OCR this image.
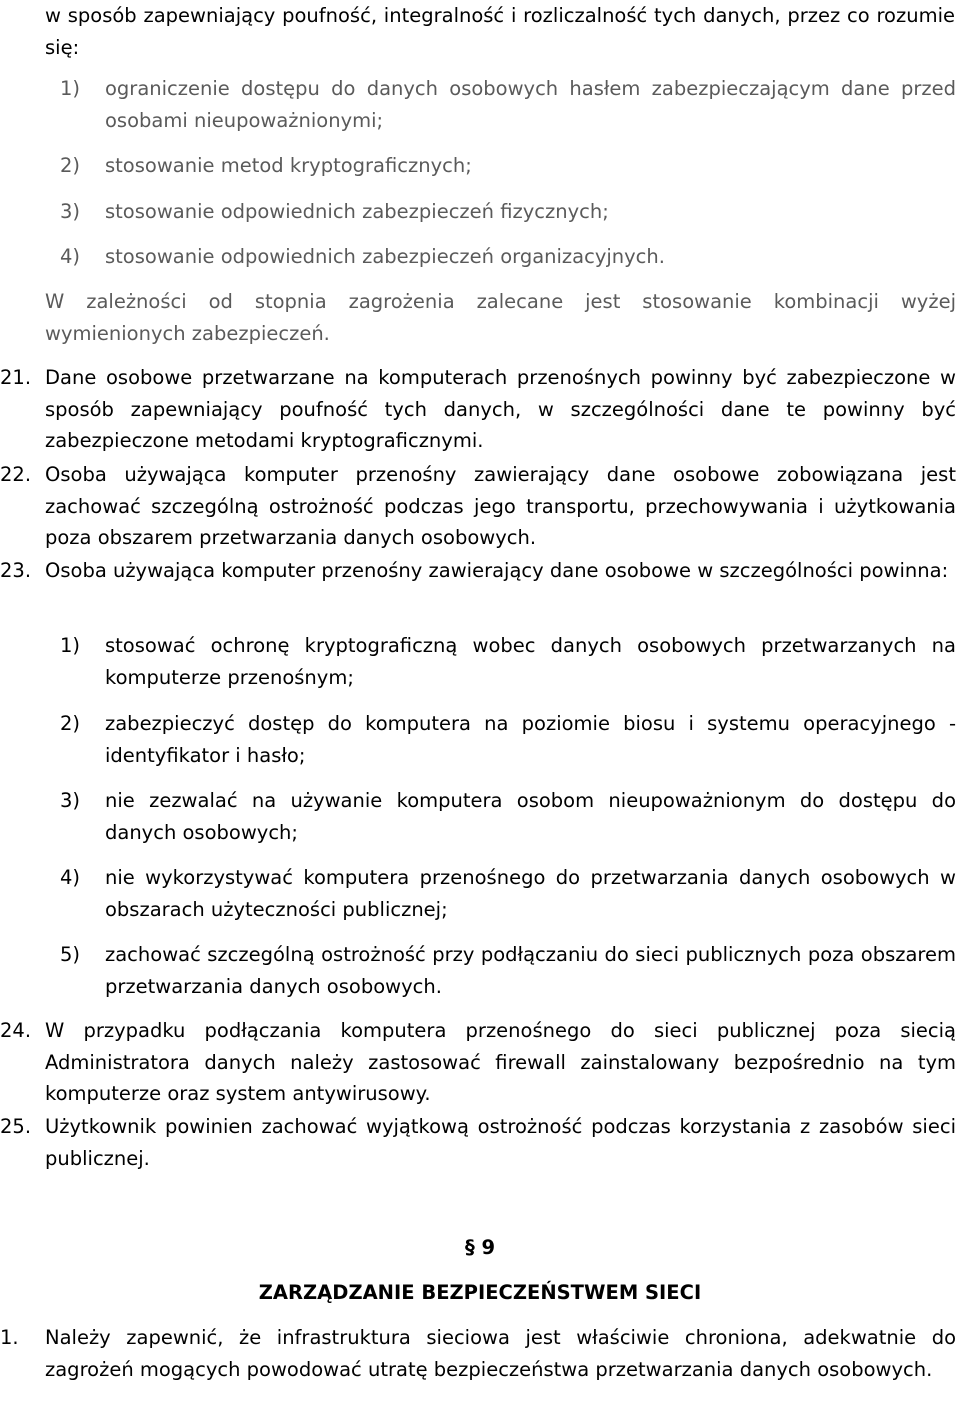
w sposób zapewniający poufność, integralność i rozliczalność tych danych, przez co rozumie się:
1) ograniczenie dostępu do danych osobowych hasłem zabezpieczającym dane przed osobami nieupoważnionymi;
2) stosowanie metod kryptograficznych;
3) stosowanie odpowiednich zabezpieczeń fizycznych;
4) stosowanie odpowiednich zabezpieczeń organizacyjnych.
W zależności od stopnia zagrożenia zalecane jest stosowanie kombinacji wyżej wymienionych zabezpieczeń.
21. Dane osobowe przetwarzane na komputerach przenośnych powinny być zabezpieczone w sposób zapewniający poufność tych danych, w szczególności dane te powinny być zabezpieczone metodami kryptograficznymi.
22. Osoba używająca komputer przenośny zawierający dane osobowe zobowiązana jest zachować szczególną ostrożność podczas jego transportu, przechowywania i użytkowania poza obszarem przetwarzania danych osobowych.
23. Osoba używająca komputer przenośny zawierający dane osobowe w szczególności powinna:
1) stosować ochronę kryptograficzną wobec danych osobowych przetwarzanych na komputerze przenośnym;
2) zabezpieczyć dostęp do komputera na poziomie biosu i systemu operacyjnego - identyfikator i hasło;
3) nie zezwalać na używanie komputera osobom nieupoważnionym do dostępu do danych osobowych;
4) nie wykorzystywać komputera przenośnego do przetwarzania danych osobowych w obszarach użyteczności publicznej;
5) zachować szczególną ostrożność przy podłączaniu do sieci publicznych poza obszarem przetwarzania danych osobowych.
24. W przypadku podłączania komputera przenośnego do sieci publicznej poza siecią Administratora danych należy zastosować firewall zainstalowany bezpośrednio na tym komputerze oraz system antywirusowy.
25. Użytkownik powinien zachować wyjątkową ostrożność podczas korzystania z zasobów sieci publicznej.
§ 9
ZARZĄDZANIE BEZPIECZEŃSTWEM SIECI
1. Należy zapewnić, że infrastruktura sieciowa jest właściwie chroniona, adekwatnie do zagrożeń mogących powodować utratę bezpieczeństwa przetwarzania danych osobowych.
